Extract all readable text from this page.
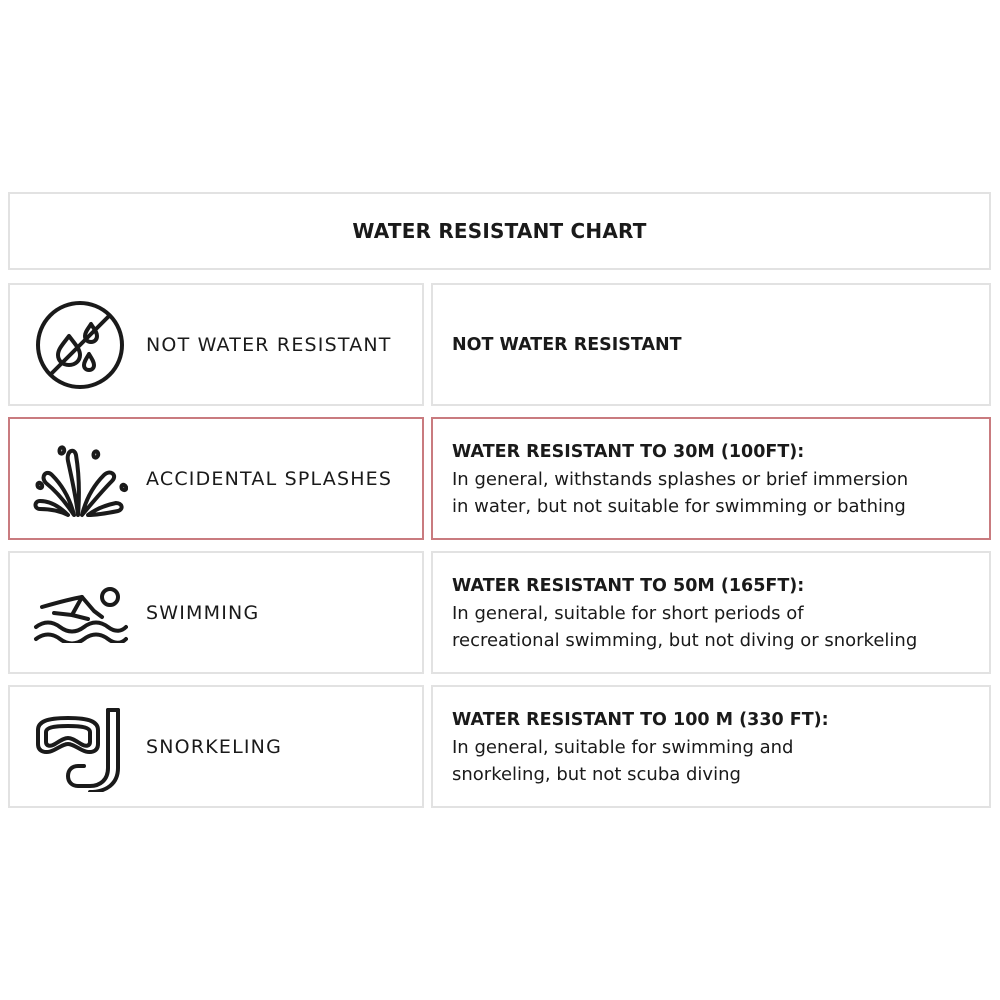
WATER RESISTANT CHART
NOT WATER RESISTANT	NOT WATER RESISTANT
ACCIDENTAL SPLASHES
WATER RESISTANT TO 30M (100FT):
In general, withstands splashes or brief immersion
in water, but not suitable for swimming or bathing
SWIMMING
WATER RESISTANT TO 50M (165FT):
In general, suitable for short periods of
recreational swimming, but not diving or snorkeling
SNORKELING
WATER RESISTANT TO 100 M (330 FT):
In general, suitable for swimming and
snorkeling, but not scuba diving
